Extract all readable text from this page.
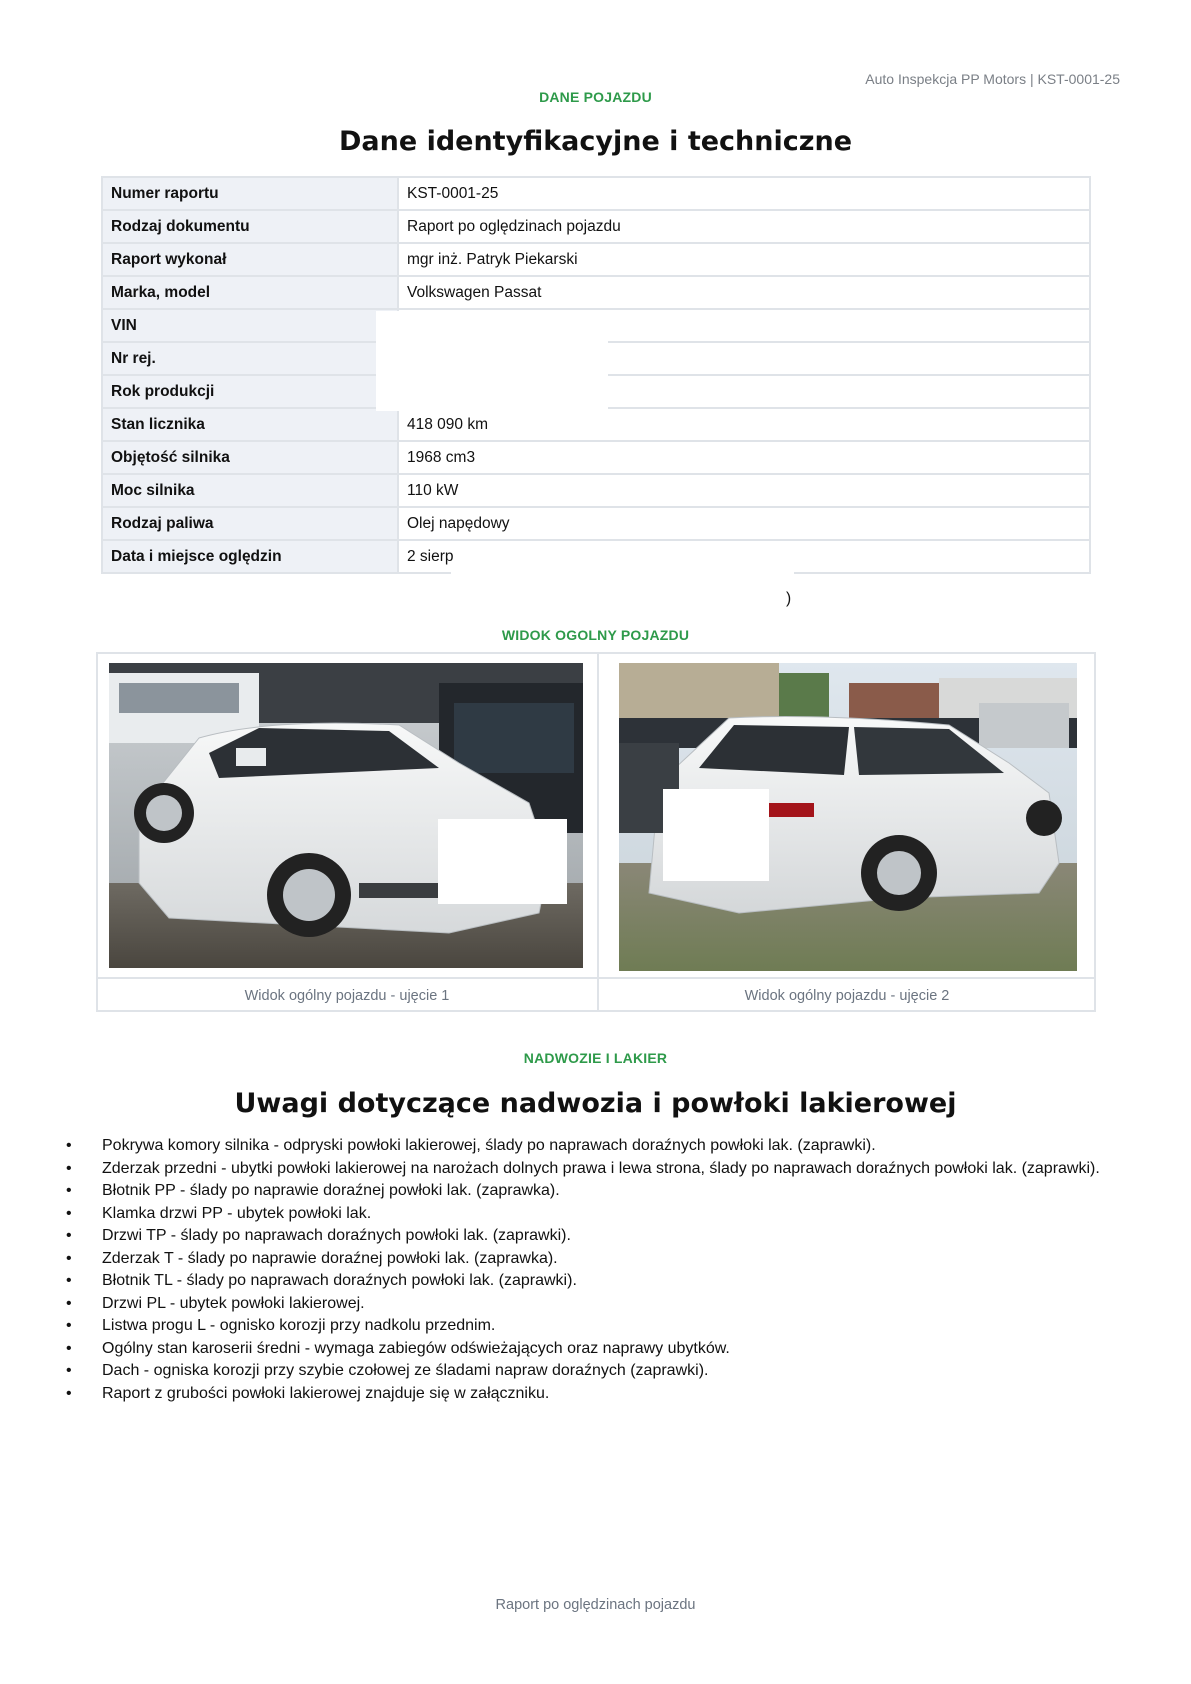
Auto Inspekcja PP Motors | KST-0001-25
DANE POJAZDU
Dane identyfikacyjne i techniczne
Numer raportu	KST-0001-25
Rodzaj dokumentu	Raport po oględzinach pojazdu
Raport wykonał	mgr inż. Patryk Piekarski
Marka, model	Volkswagen Passat
VIN	
Nr rej.	
Rok produkcji	
Stan licznika	418 090 km
Objętość silnika	1968 cm3
Moc silnika	110 kW
Rodzaj paliwa	Olej napędowy
Data i miejsce oględzin	2 sierp
)
WIDOK OGOLNY POJAZDU
Widok ogólny pojazdu - ujęcie 1	Widok ogólny pojazdu - ujęcie 2
NADWOZIE I LAKIER
Uwagi dotyczące nadwozia i powłoki lakierowej
• Pokrywa komory silnika - odpryski powłoki lakierowej, ślady po naprawach doraźnych powłoki lak. (zaprawki).
• Zderzak przedni - ubytki powłoki lakierowej na narożach dolnych prawa i lewa strona, ślady po naprawach doraźnych powłoki lak. (zaprawki).
• Błotnik PP - ślady po naprawie doraźnej powłoki lak. (zaprawka).
• Klamka drzwi PP - ubytek powłoki lak.
• Drzwi TP - ślady po naprawach doraźnych powłoki lak. (zaprawki).
• Zderzak T - ślady po naprawie doraźnej powłoki lak. (zaprawka).
• Błotnik TL - ślady po naprawach doraźnych powłoki lak. (zaprawki).
• Drzwi PL - ubytek powłoki lakierowej.
• Listwa progu L - ognisko korozji przy nadkolu przednim.
• Ogólny stan karoserii średni - wymaga zabiegów odświeżających oraz naprawy ubytków.
• Dach - ogniska korozji przy szybie czołowej ze śladami napraw doraźnych (zaprawki).
• Raport z grubości powłoki lakierowej znajduje się w załączniku.
Raport po oględzinach pojazdu
